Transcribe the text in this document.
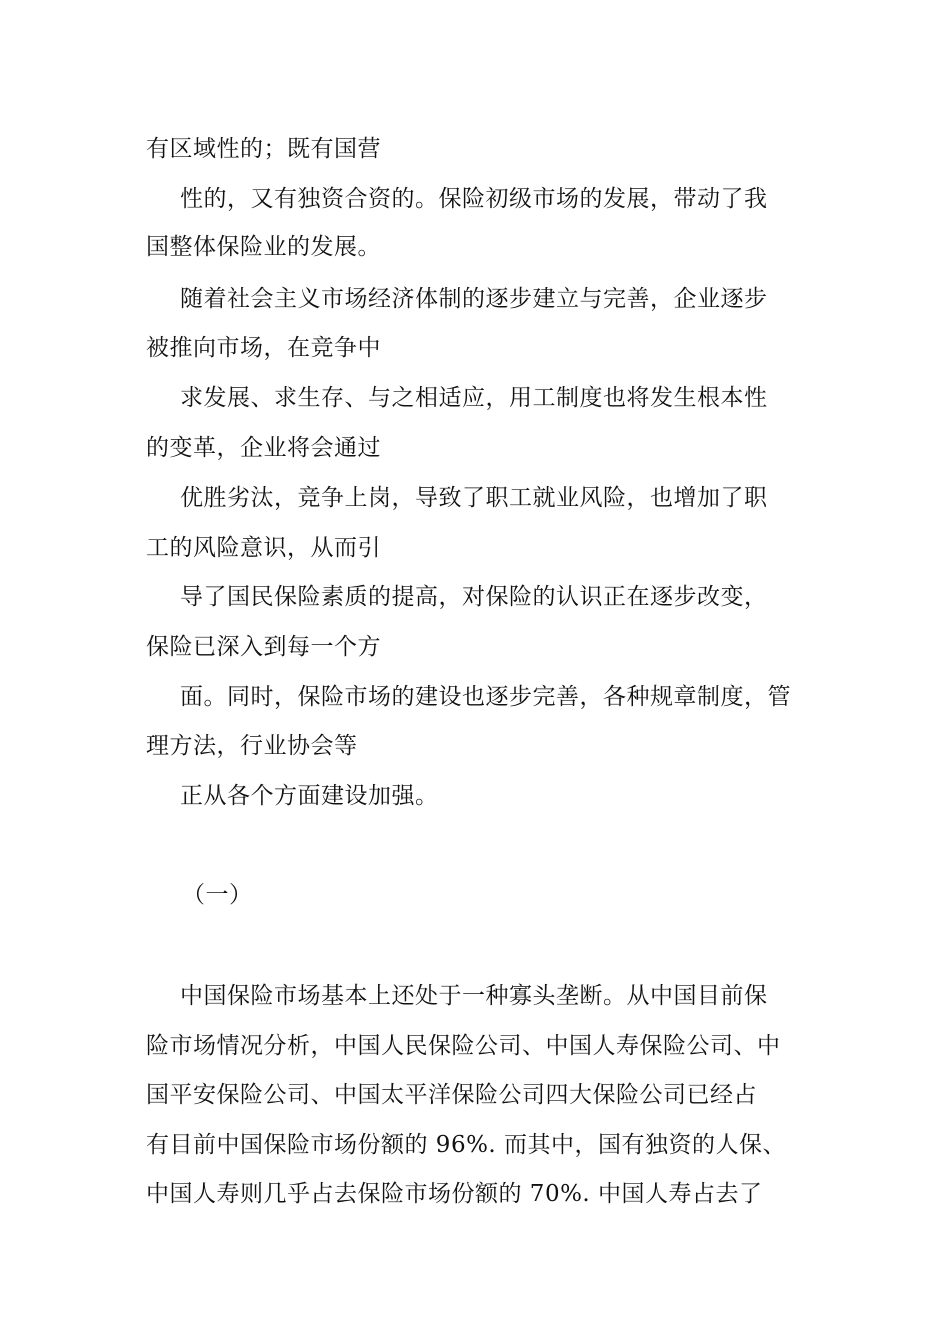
有区域性的；既有国营
性的，又有独资合资的。保险初级市场的发展，带动了我
国整体保险业的发展。
随着社会主义市场经济体制的逐步建立与完善，企业逐步
被推向市场，在竞争中
求发展、求生存、与之相适应，用工制度也将发生根本性
的变革，企业将会通过
优胜劣汰，竞争上岗，导致了职工就业风险，也增加了职
工的风险意识，从而引
导了国民保险素质的提高，对保险的认识正在逐步改变，
保险已深入到每一个方
面。同时，保险市场的建设也逐步完善，各种规章制度，管
理方法，行业协会等
正从各个方面建设加强。
（一）
中国保险市场基本上还处于一种寡头垄断。从中国目前保
险市场情况分析，中国人民保险公司、中国人寿保险公司、中
国平安保险公司、中国太平洋保险公司四大保险公司已经占
有目前中国保险市场份额的 96%. 而其中，国有独资的人保、
中国人寿则几乎占去保险市场份额的 70%. 中国人寿占去了
